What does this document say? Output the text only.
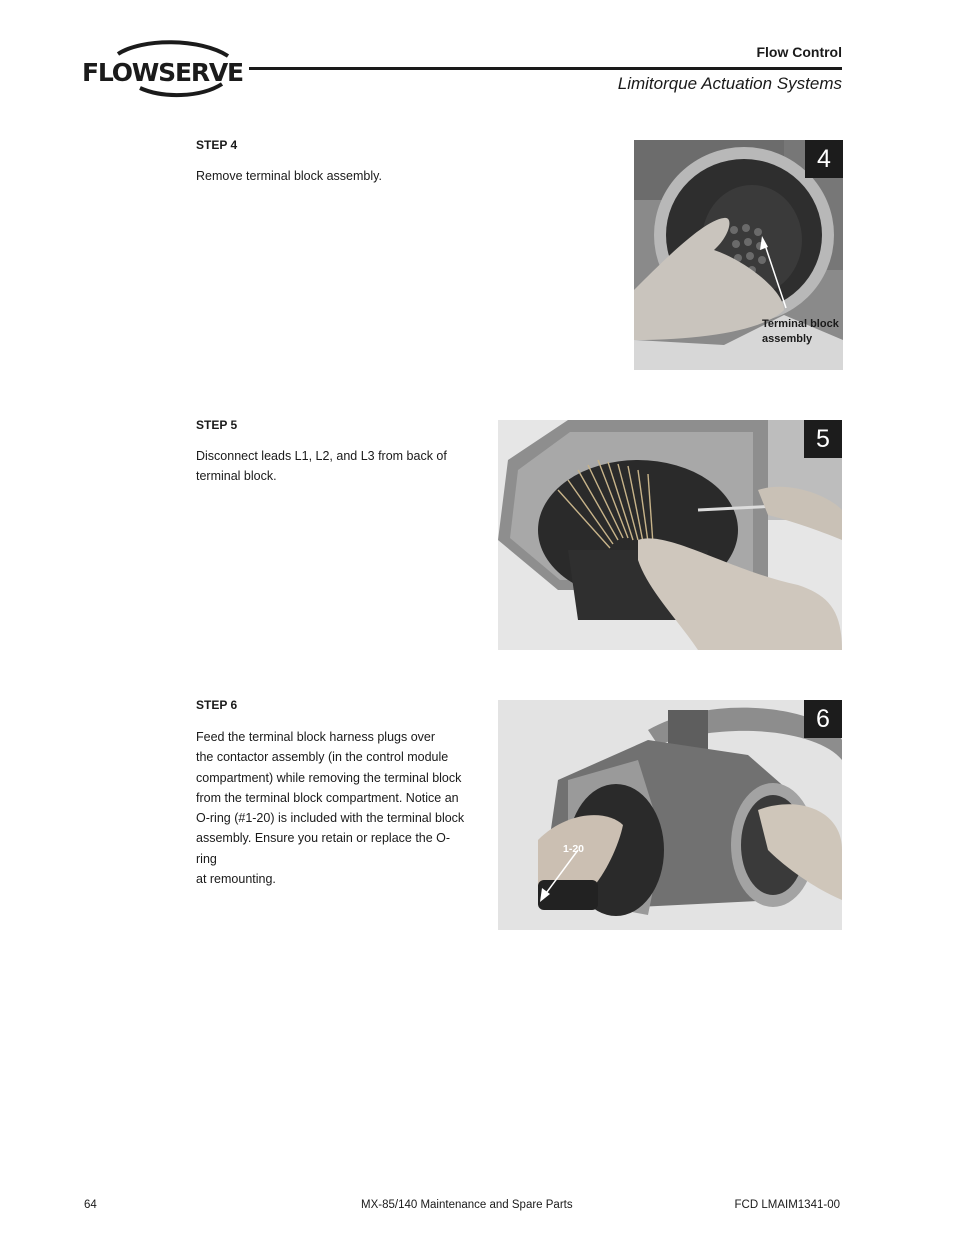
FLOWSERVE
Flow Control
Limitorque Actuation Systems
STEP 4
Remove terminal block assembly.
4
Terminal block
assembly
STEP 5
Disconnect leads L1, L2, and L3 from back of
terminal block.
5
STEP 6
Feed the terminal block harness plugs over
the contactor assembly (in the control module
compartment) while removing the terminal block
from the terminal block compartment. Notice an
O-ring (#1-20) is included with the terminal block
assembly. Ensure you retain or replace the O-ring
at remounting.
6
1-20
64	MX-85/140 Maintenance and Spare Parts	FCD LMAIM1341-00
